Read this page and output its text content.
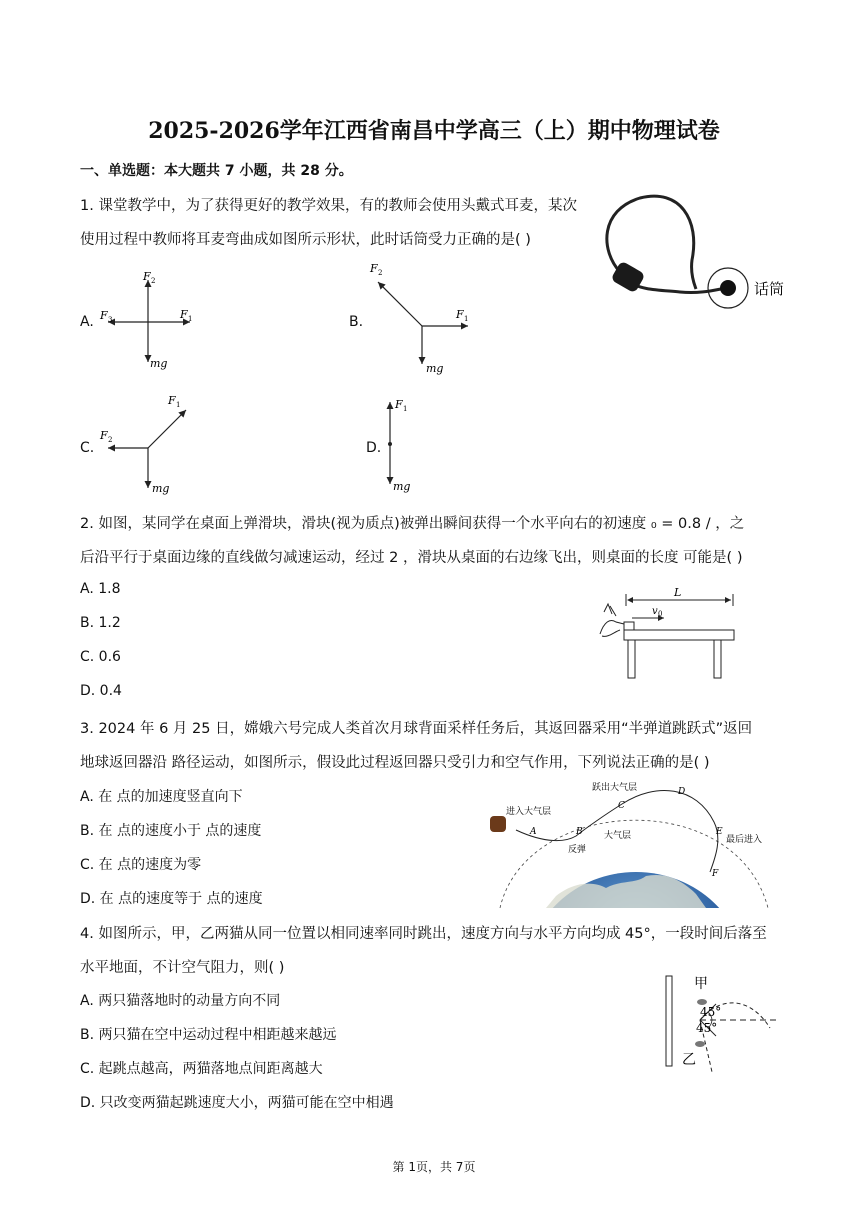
2025-2026学年江西省南昌中学高三（上）期中物理试卷
一、单选题：本大题共 7 小题，共 28 分。
1. 课堂教学中，为了获得更好的教学效果，有的教师会使用头戴式耳麦，某次
使用过程中教师将耳麦弯曲成如图所示形状，此时话筒受力正确的是( )
话筒
A.
F 2
F 1
F 3
mg
B.
F 2
F 1
mg
C.
F 1
F 2
mg
D.
F 1
mg
2. 如图，某同学在桌面上弹滑块，滑块(视为质点)被弹出瞬间获得一个水平向右的初速度 ₀ = 0.8 / ，之
后沿平行于桌面边缘的直线做匀减速运动，经过 2 ，滑块从桌面的右边缘飞出，则桌面的长度 可能是( )
A. 1.8
B. 1.2
C. 0.6
D. 0.4
L
v 0
3. 2024 年 6 月 25 日，嫦娥六号完成人类首次月球背面采样任务后，其返回器采用“半弹道跳跃式”返回
地球返回器沿 路径运动，如图所示，假设此过程返回器只受引力和空气作用，下列说法正确的是( )
A. 在 点的加速度竖直向下
B. 在 点的速度小于 点的速度
C. 在 点的速度为零
D. 在 点的速度等于 点的速度
进入大气层
跃出大气层
大气层
反弹
最后进入
地球
A	B
C
D
E
F
4. 如图所示，甲，乙两猫从同一位置以相同速率同时跳出，速度方向与水平方向均成 45°，一段时间后落至
水平地面，不计空气阻力，则( )
A. 两只猫落地时的动量方向不同
B. 两只猫在空中运动过程中相距越来越远
C. 起跳点越高，两猫落地点间距离越大
D. 只改变两猫起跳速度大小，两猫可能在空中相遇
甲
乙
45°
45°
第 1页，共 7页
